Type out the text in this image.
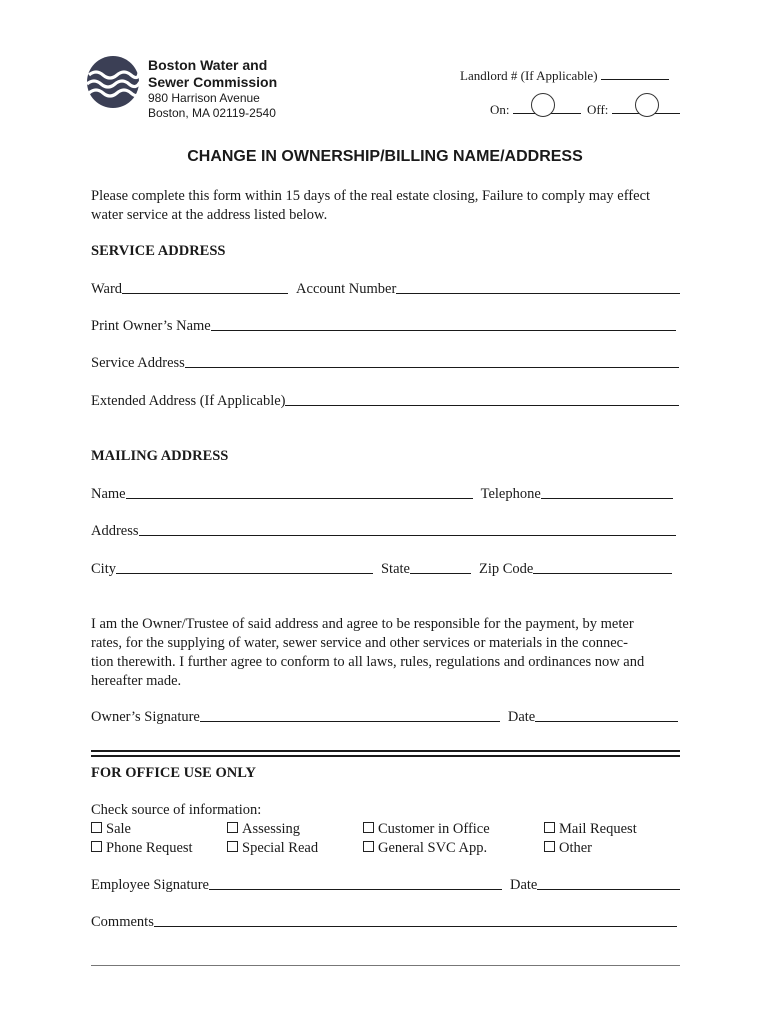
Boston Water and
Sewer Commission
980 Harrison Avenue
Boston, MA 02119-2540
Landlord # (If Applicable)
On:	Off:
CHANGE IN OWNERSHIP/BILLING NAME/ADDRESS
Please complete this form within 15 days of the real estate closing, Failure to comply may effect
water service at the address listed below.
SERVICE ADDRESS
Ward	Account Number
Print Owner’s Name
Service Address
Extended Address (If Applicable)
MAILING ADDRESS
Name	Telephone
Address
City	State	Zip Code
I am the Owner/Trustee of said address and agree to be responsible for the payment, by meter
rates, for the supplying of water, sewer service and other services or materials in the connec-
tion therewith. I further agree to conform to all laws, rules, regulations and ordinances now and
hereafter made.
Owner’s Signature	Date
FOR OFFICE USE ONLY
Check source of information:
Sale	Assessing	Customer in Office	Mail Request
Phone Request	Special Read	General SVC App.	Other
Employee Signature	Date
Comments
